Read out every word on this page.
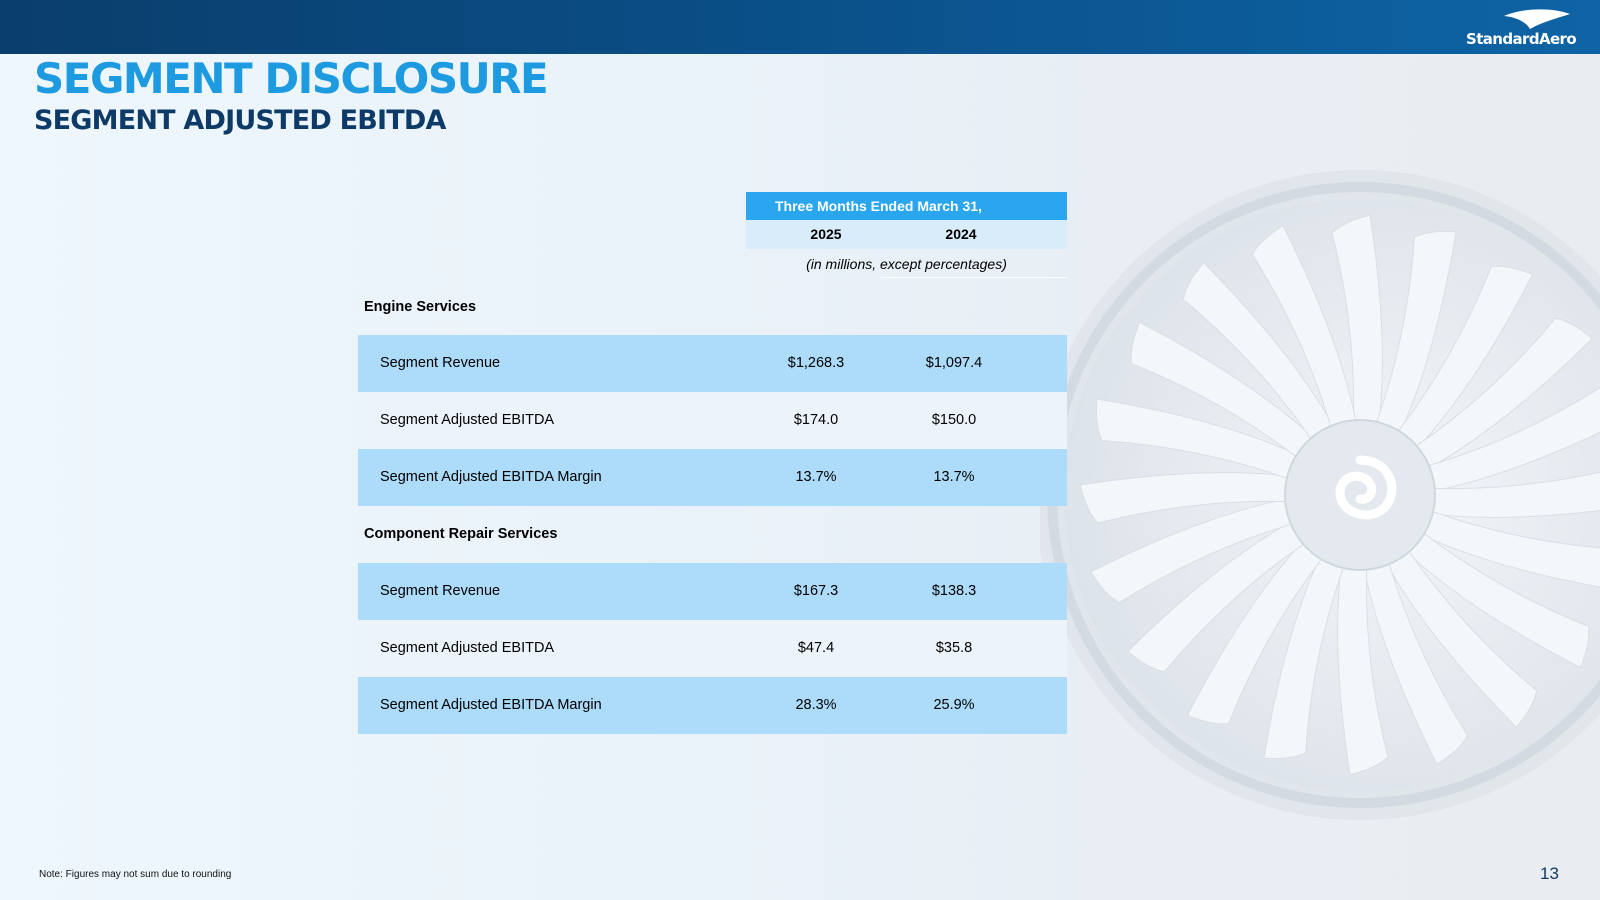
StandardAero
SEGMENT DISCLOSURE
SEGMENT ADJUSTED EBITDA
Three Months Ended March 31,
2025	2024
(in millions, except percentages)
Engine Services
Segment Revenue	$1,268.3	$1,097.4
Segment Adjusted EBITDA	$174.0	$150.0
Segment Adjusted EBITDA Margin	13.7%	13.7%
Component Repair Services
Segment Revenue	$167.3	$138.3
Segment Adjusted EBITDA	$47.4	$35.8
Segment Adjusted EBITDA Margin	28.3%	25.9%
Note: Figures may not sum due to rounding	13
